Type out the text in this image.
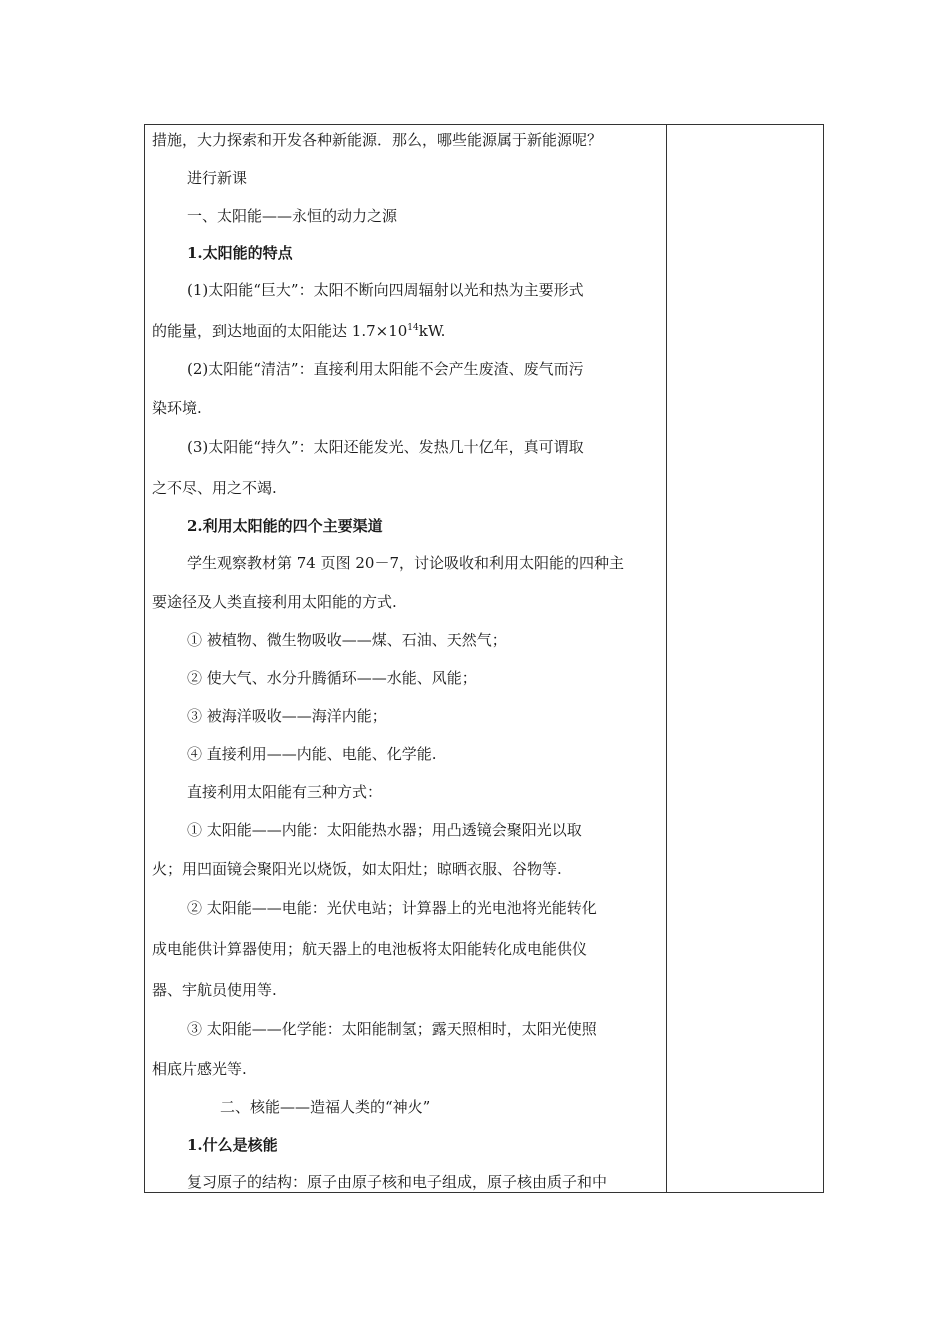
措施，大力探索和开发各种新能源．那么，哪些能源属于新能源呢？
进行新课
一、太阳能——永恒的动力之源
1.太阳能的特点
(1)太阳能“巨大”：太阳不断向四周辐射以光和热为主要形式
的能量，到达地面的太阳能达 $1.7\times 10^{14}kW$.
(2)太阳能“清洁”：直接利用太阳能不会产生废渣、废气而污
染环境.
(3)太阳能“持久”：太阳还能发光、发热几十亿年，真可谓取
之不尽、用之不竭.
2.利用太阳能的四个主要渠道
学生观察教材第 74 页图 20－7，讨论吸收和利用太阳能的四种主
要途径及人类直接利用太阳能的方式.
① 被植物、微生物吸收——煤、石油、天然气；
② 使大气、水分升腾循环——水能、风能；
③ 被海洋吸收——海洋内能；
④ 直接利用——内能、电能、化学能.
直接利用太阳能有三种方式：
① 太阳能——内能：太阳能热水器；用凸透镜会聚阳光以取
火；用凹面镜会聚阳光以烧饭，如太阳灶；晾晒衣服、谷物等.
② 太阳能——电能：光伏电站；计算器上的光电池将光能转化
成电能供计算器使用；航天器上的电池板将太阳能转化成电能供仪
器、宇航员使用等.
③ 太阳能——化学能：太阳能制氢；露天照相时，太阳光使照
相底片感光等.
二、核能——造福人类的“神火”
1.什么是核能
复习原子的结构：原子由原子核和电子组成，原子核由质子和中
